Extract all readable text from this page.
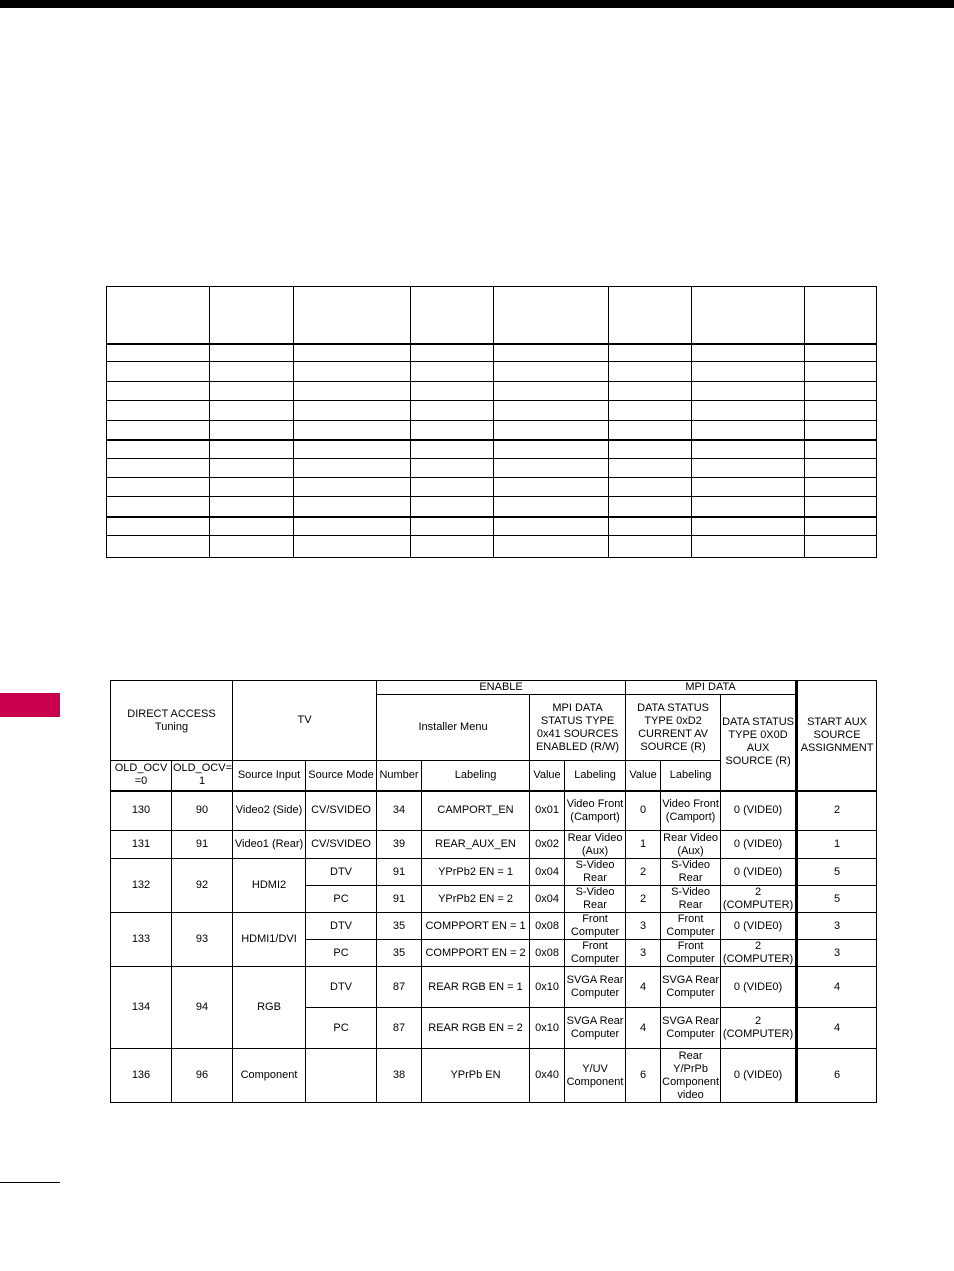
DIRECT ACCESS Tuning		TV		ENABLE				MPI DATA			START AUX SOURCE ASSIGNMENT
				Installer Menu		MPI DATA STATUS TYPE 0x41 SOURCES ENABLED (R/W)		DATA STATUS TYPE 0xD2 CURRENT AV SOURCE (R)		DATA STATUS TYPE 0X0D AUX SOURCE (R)	

OLD_OCV =0	OLD_OCV= 1	Source Input	Source Mode	Number	Labeling	Value	Labeling	Value	Labeling		
130	90	Video2 (Side)	CV/SVIDEO	34	CAMPORT_EN	0x01	Video Front (Camport)	0	Video Front (Camport)	0 (VIDE0)	2
131	91	Video1 (Rear)	CV/SVIDEO	39	REAR_AUX_EN	0x02	Rear Video (Aux)	1	Rear Video (Aux)	0 (VIDE0)	1
132	92	HDMI2	DTV	91	YPrPb2 EN = 1	0x04	S-Video Rear	2	S-Video Rear	0 (VIDE0)	5
			PC	91	YPrPb2 EN = 2	0x04	S-Video Rear	2	S-Video Rear	2 (COMPUTER)	5
133	93	HDMI1/DVI	DTV	35	COMPPORT EN = 1	0x08	Front Computer	3	Front Computer	0 (VIDE0)	3
			PC	35	COMPPORT EN = 2	0x08	Front Computer	3	Front Computer	2 (COMPUTER)	3
134	94	RGB	DTV	87	REAR RGB EN = 1	0x10	SVGA Rear Computer	4	SVGA Rear Computer	0 (VIDE0)	4
			PC	87	REAR RGB EN = 2	0x10	SVGA Rear Computer	4	SVGA Rear Computer	2 (COMPUTER)	4
136	96	Component		38	YPrPb EN	0x40	Y/UV Component	6	Rear Y/PrPb Component video	0 (VIDE0)	6
